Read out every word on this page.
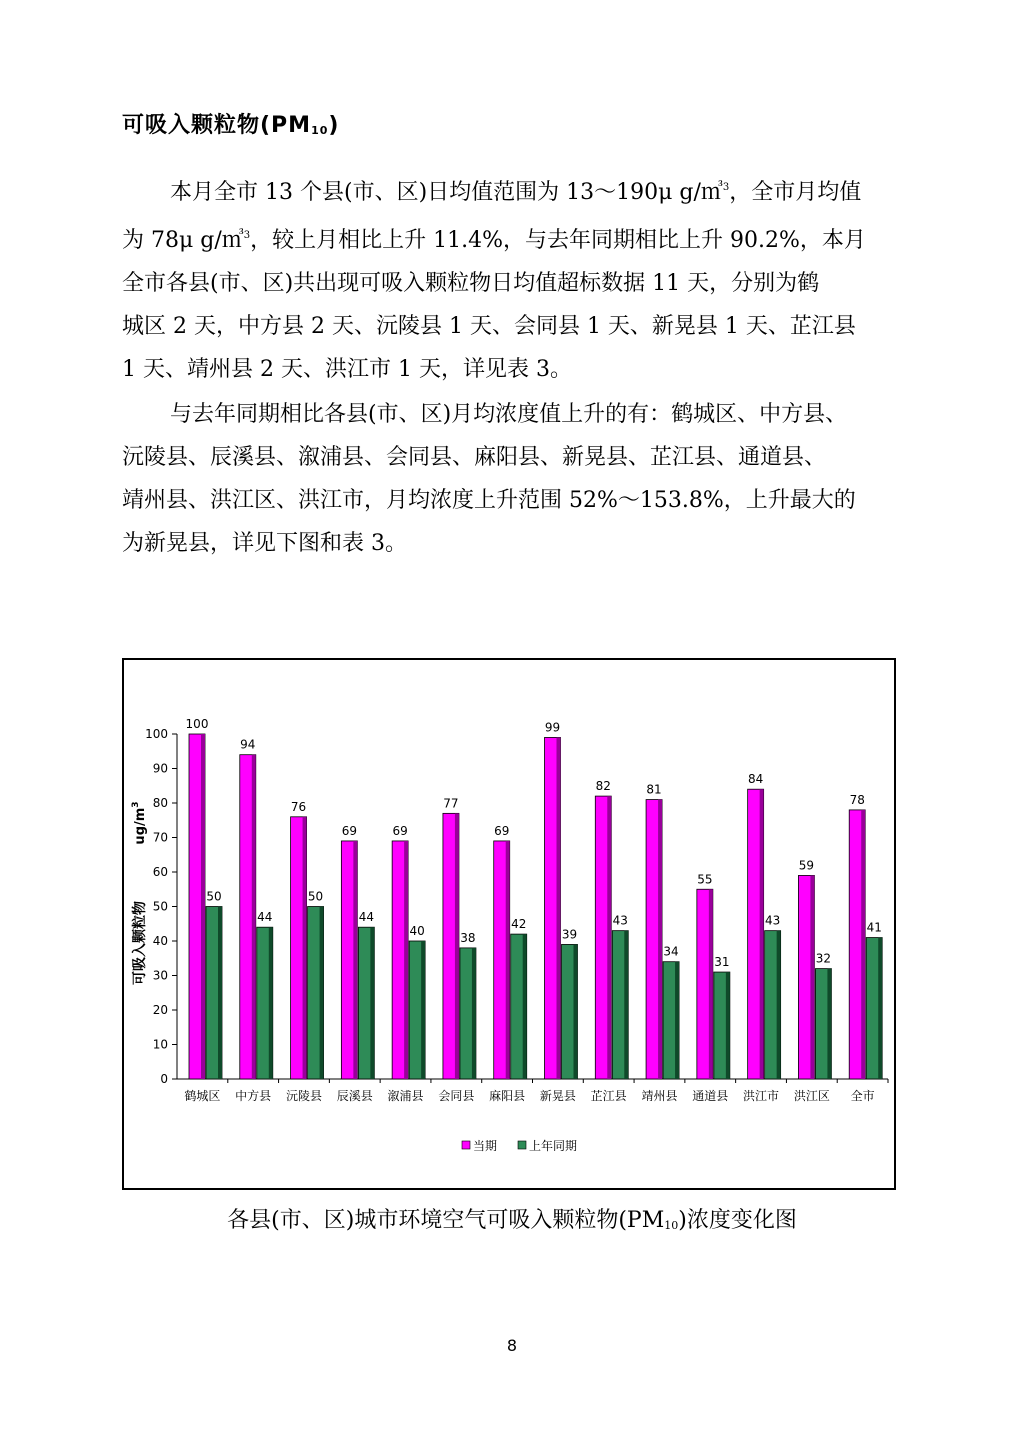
可吸入颗粒物$(PM_{10})$
本月全市 13 个县(市、区)日均值范围为 13～190μ g/㎥$^3$，全市月均值
为 78μ g/㎥$^3$，较上月相比上升 11.4%，与去年同期相比上升 90.2%，本月
全市各县(市、区)共出现可吸入颗粒物日均值超标数据 11 天，分别为鹤
城区 2 天，中方县 2 天、沅陵县 1 天、会同县 1 天、新晃县 1 天、芷江县
1 天、靖州县 2 天、洪江市 1 天，详见表 3。
与去年同期相比各县(市、区)月均浓度值上升的有：鹤城区、中方县、
沅陵县、辰溪县、溆浦县、会同县、麻阳县、新晃县、芷江县、通道县、
靖州县、洪江区、洪江市，月均浓度上升范围 52%～153.8%，上升最大的
为新晃县，详见下图和表 3。
可吸入颗粒物
$ug/m^3$
0
10
20
30
40
50
60
70
80
90
100
鹤城区
100
50
中方县
94
44
沅陵县
76
50
辰溪县
69
44
溆浦县
69
40
会同县
77
38
麻阳县
69
42
新晃县
99
39
芷江县
82
43
靖州县
81
34
通道县
55
31
洪江市
84
43
洪江区
59
32
全市
78
41
当期	上年同期
各县(市、区)城市环境空气可吸入颗粒物$(PM_{10})$浓度变化图
8
